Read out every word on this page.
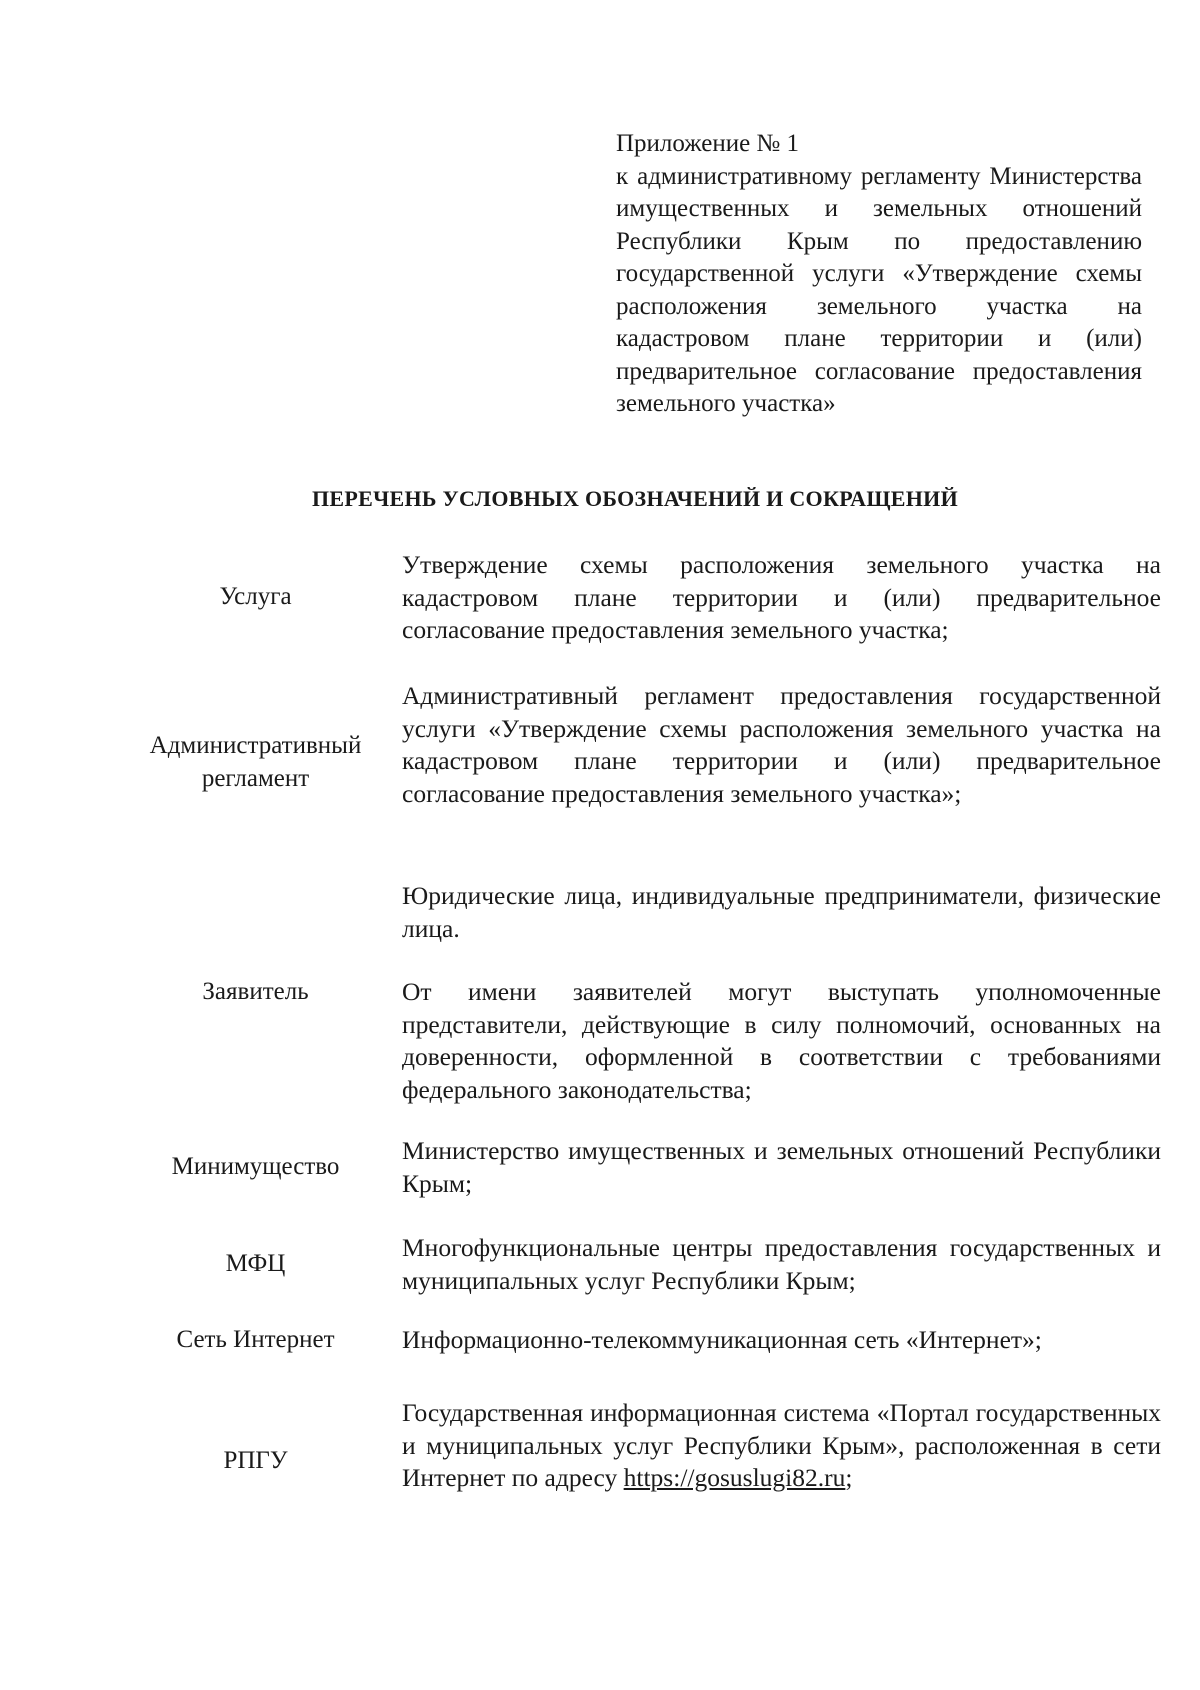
Приложение № 1
к административному регламенту Министерства имущественных и земельных отношений Республики Крым по предоставлению государственной услуги «Утверждение схемы расположения земельного участка на кадастровом плане территории и (или) предварительное согласование предоставления земельного участка»
ПЕРЕЧЕНЬ УСЛОВНЫХ ОБОЗНАЧЕНИЙ И СОКРАЩЕНИЙ
Услуга
Утверждение схемы расположения земельного участка на кадастровом плане территории и (или) предварительное согласование предоставления земельного участка;
Административный регламент
Административный регламент предоставления государственной услуги «Утверждение схемы расположения земельного участка на кадастровом плане территории и (или) предварительное согласование предоставления земельного участка»;
Заявитель
Юридические лица, индивидуальные предприниматели, физические лица.
От имени заявителей могут выступать уполномоченные представители, действующие в силу полномочий, основанных на доверенности, оформленной в соответствии с требованиями федерального законодательства;
Минимущество
Министерство имущественных и земельных отношений Республики Крым;
МФЦ
Многофункциональные центры предоставления государственных и муниципальных услуг Республики Крым;
Сеть Интернет	Информационно-телекоммуникационная сеть «Интернет»;
РПГУ
Государственная информационная система «Портал государственных и муниципальных услуг Республики Крым», расположенная в сети Интернет по адресу https://gosuslugi82.ru;
